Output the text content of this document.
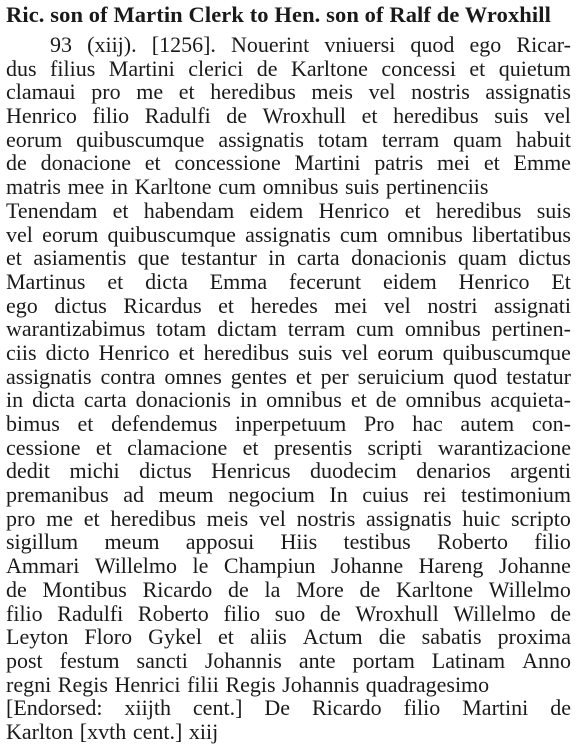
Ric. son of Martin Clerk to Hen. son of Ralf de Wroxhill
93 (xiij). [1256]. Nouerint vniuersi quod ego Ricar-
dus filius Martini clerici de Karltone concessi et quietum
clamaui pro me et heredibus meis vel nostris assignatis
Henrico filio Radulfi de Wroxhull et heredibus suis vel
eorum quibuscumque assignatis totam terram quam habuit
de donacione et concessione Martini patris mei et Emme
matris mee in Karltone cum omnibus suis pertinenciis
Tenendam et habendam eidem Henrico et heredibus suis
vel eorum quibuscumque assignatis cum omnibus libertatibus
et asiamentis que testantur in carta donacionis quam dictus
Martinus et dicta Emma fecerunt eidem Henrico Et
ego dictus Ricardus et heredes mei vel nostri assignati
warantizabimus totam dictam terram cum omnibus pertinen-
ciis dicto Henrico et heredibus suis vel eorum quibuscumque
assignatis contra omnes gentes et per seruicium quod testatur
in dicta carta donacionis in omnibus et de omnibus acquieta-
bimus et defendemus inperpetuum Pro hac autem con-
cessione et clamacione et presentis scripti warantizacione
dedit michi dictus Henricus duodecim denarios argenti
premanibus ad meum negocium In cuius rei testimonium
pro me et heredibus meis vel nostris assignatis huic scripto
sigillum meum apposui Hiis testibus Roberto filio
Ammari Willelmo le Champiun Johanne Hareng Johanne
de Montibus Ricardo de la More de Karltone Willelmo
filio Radulfi Roberto filio suo de Wroxhull Willelmo de
Leyton Floro Gykel et aliis Actum die sabatis proxima
post festum sancti Johannis ante portam Latinam Anno
regni Regis Henrici filii Regis Johannis quadragesimo
[Endorsed: xiijth cent.] De Ricardo filio Martini de
Karlton [xvth cent.] xiij
